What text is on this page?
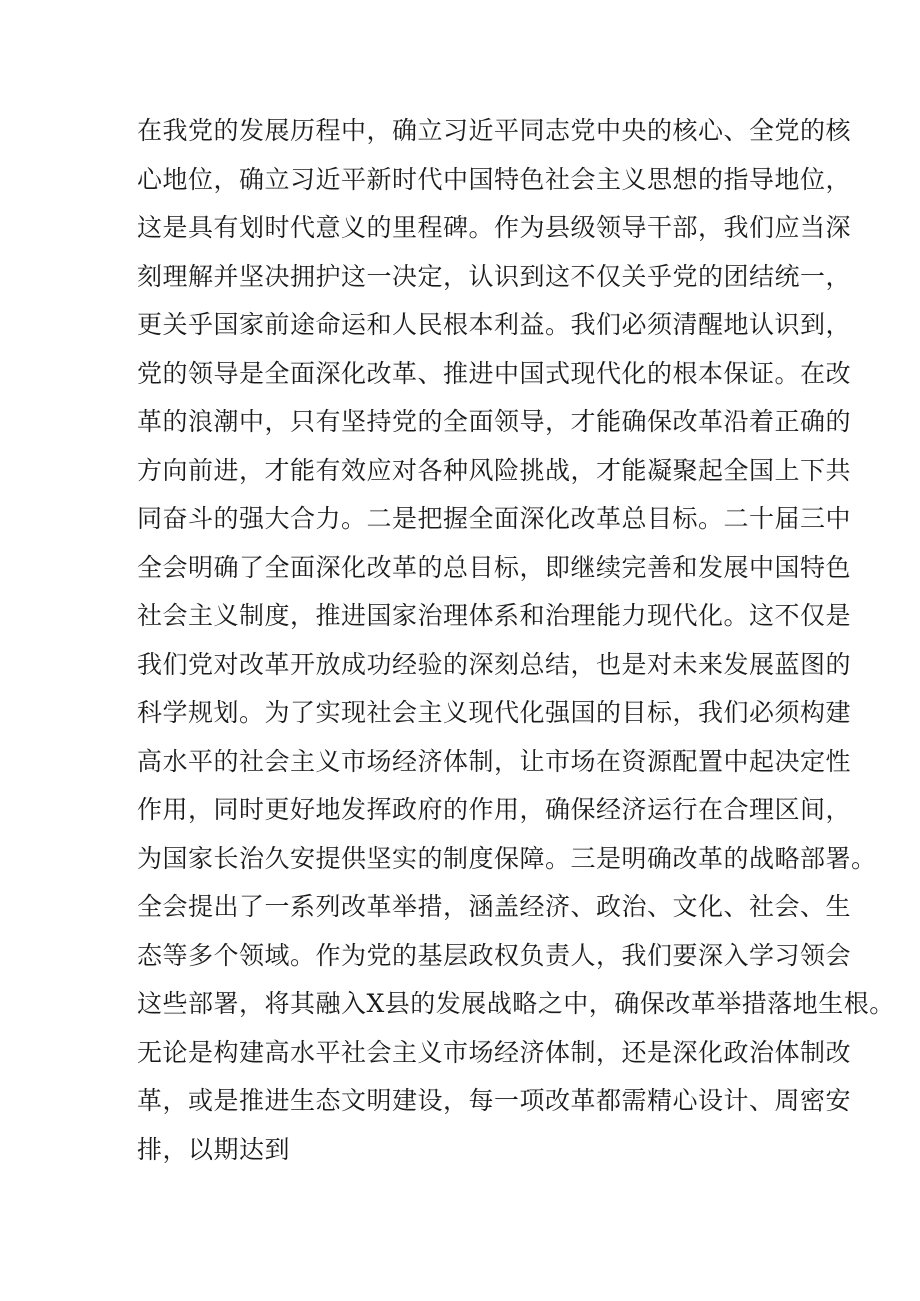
在我党的发展历程中，确立习近平同志党中央的核心、全党的核
心地位，确立习近平新时代中国特色社会主义思想的指导地位，
这是具有划时代意义的里程碑。作为县级领导干部，我们应当深
刻理解并坚决拥护这一决定，认识到这不仅关乎党的团结统一，
更关乎国家前途命运和人民根本利益。我们必须清醒地认识到，
党的领导是全面深化改革、推进中国式现代化的根本保证。在改
革的浪潮中，只有坚持党的全面领导，才能确保改革沿着正确的
方向前进，才能有效应对各种风险挑战，才能凝聚起全国上下共
同奋斗的强大合力。二是把握全面深化改革总目标。二十届三中
全会明确了全面深化改革的总目标，即继续完善和发展中国特色
社会主义制度，推进国家治理体系和治理能力现代化。这不仅是
我们党对改革开放成功经验的深刻总结，也是对未来发展蓝图的
科学规划。为了实现社会主义现代化强国的目标，我们必须构建
高水平的社会主义市场经济体制，让市场在资源配置中起决定性
作用，同时更好地发挥政府的作用，确保经济运行在合理区间，
为国家长治久安提供坚实的制度保障。三是明确改革的战略部署。
全会提出了一系列改革举措，涵盖经济、政治、文化、社会、生
态等多个领域。作为党的基层政权负责人，我们要深入学习领会
这些部署，将其融入X县的发展战略之中，确保改革举措落地生根。
无论是构建高水平社会主义市场经济体制，还是深化政治体制改
革，或是推进生态文明建设，每一项改革都需精心设计、周密安
排，以期达到
